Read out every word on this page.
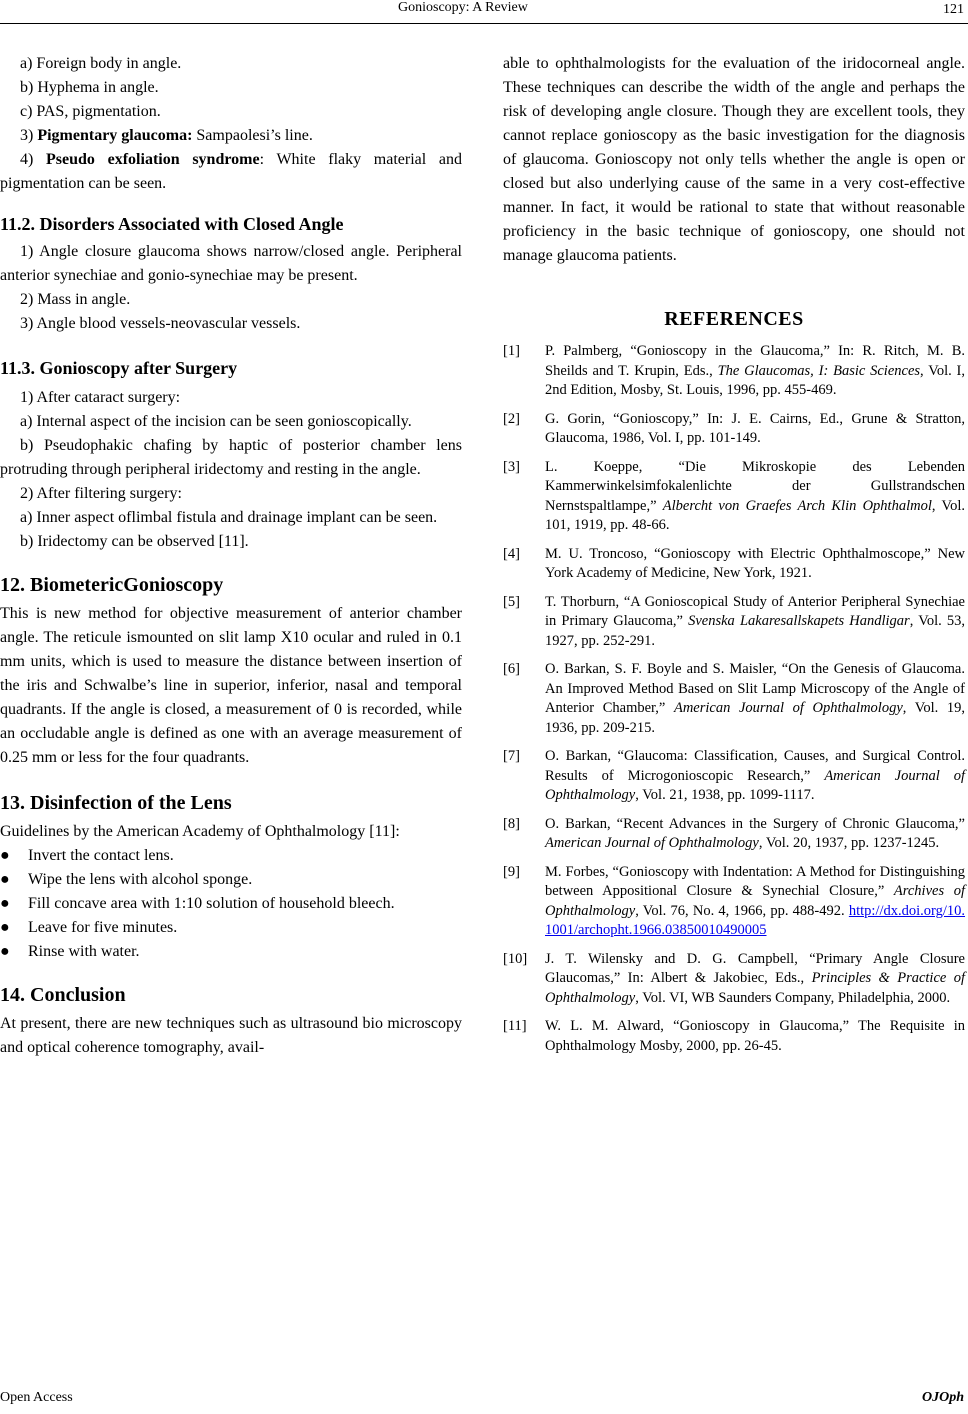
Gonioscopy: A Review	121

a) Foreign body in angle.

b) Hyphema in angle.

c) PAS, pigmentation.

3) Pigmentary glaucoma: Sampaolesi’s line.

4) Pseudo exfoliation syndrome: White flaky material and pigmentation can be seen.

11.2. Disorders Associated with Closed Angle

1) Angle closure glaucoma shows narrow/closed angle. Peripheral anterior synechiae and gonio-synechiae may be present.

2) Mass in angle.

3) Angle blood vessels-neovascular vessels.

11.3. Gonioscopy after Surgery

1) After cataract surgery:

a) Internal aspect of the incision can be seen gonioscopically.

b) Pseudophakic chafing by haptic of posterior chamber lens protruding through peripheral iridectomy and resting in the angle.

2) After filtering surgery:

a) Inner aspect oflimbal fistula and drainage implant can be seen.

b) Iridectomy can be observed [11].

12. BiometericGonioscopy

This is new method for objective measurement of anterior chamber angle. The reticule ismounted on slit lamp X10 ocular and ruled in 0.1 mm units, which is used to measure the distance between insertion of the iris and Schwalbe’s line in superior, inferior, nasal and temporal quadrants. If the angle is closed, a measurement of 0 is recorded, while an occludable angle is defined as one with an average measurement of 0.25 mm or less for the four quadrants.

13. Disinfection of the Lens

Guidelines by the American Academy of Ophthalmology [11]:

● Invert the contact lens.
● Wipe the lens with alcohol sponge.
● Fill concave area with 1:10 solution of household bleech.
● Leave for five minutes.
● Rinse with water.
14. Conclusion

At present, there are new techniques such as ultrasound bio microscopy and optical coherence tomography, avail-

able to ophthalmologists for the evaluation of the iridocorneal angle. These techniques can describe the width of the angle and perhaps the risk of developing angle closure. Though they are excellent tools, they cannot replace gonioscopy as the basic investigation for the diagnosis of glaucoma. Gonioscopy not only tells whether the angle is open or closed but also underlying cause of the same in a very cost-effective manner. In fact, it would be rational to state that without reasonable proficiency in the basic technique of gonioscopy, one should not manage glaucoma patients.

REFERENCES
[1] P. Palmberg, “Gonioscopy in the Glaucoma,” In: R. Ritch, M. B. Sheilds and T. Krupin, Eds., The Glaucomas, I: Basic Sciences, Vol. I, 2nd Edition, Mosby, St. Louis, 1996, pp. 455-469.
[2] G. Gorin, “Gonioscopy,” In: J. E. Cairns, Ed., Grune & Stratton, Glaucoma, 1986, Vol. I, pp. 101-149.
[3] L. Koeppe, “Die Mikroskopie des Lebenden Kammerwinkelsimfokalenlichte der Gullstrandschen Nernstspaltlampe,” Albercht von Graefes Arch Klin Ophthalmol, Vol. 101, 1919, pp. 48-66.
[4] M. U. Troncoso, “Gonioscopy with Electric Ophthalmoscope,” New York Academy of Medicine, New York, 1921.
[5] T. Thorburn, “A Gonioscopical Study of Anterior Peripheral Synechiae in Primary Glaucoma,” Svenska Lakaresallskapets Handligar, Vol. 53, 1927, pp. 252-291.
[6] O. Barkan, S. F. Boyle and S. Maisler, “On the Genesis of Glaucoma. An Improved Method Based on Slit Lamp Microscopy of the Angle of Anterior Chamber,” American Journal of Ophthalmology, Vol. 19, 1936, pp. 209-215.
[7] O. Barkan, “Glaucoma: Classification, Causes, and Surgical Control. Results of Microgonioscopic Research,” American Journal of Ophthalmology, Vol. 21, 1938, pp. 1099-1117.
[8] O. Barkan, “Recent Advances in the Surgery of Chronic Glaucoma,” American Journal of Ophthalmology, Vol. 20, 1937, pp. 1237-1245.
[9] M. Forbes, “Gonioscopy with Indentation: A Method for Distinguishing between Appositional Closure & Synechial Closure,” Archives of Ophthalmology, Vol. 76, No. 4, 1966, pp. 488-492. http://dx.doi.org/10.1001/archopht.1966.03850010490005
[10] J. T. Wilensky and D. G. Campbell, “Primary Angle Closure Glaucomas,” In: Albert & Jakobiec, Eds., Principles & Practice of Ophthalmology, Vol. VI, WB Saunders Company, Philadelphia, 2000.
[11] W. L. M. Alward, “Gonioscopy in Glaucoma,” The Requisite in Ophthalmology Mosby, 2000, pp. 26-45.
Open Access	OJOph
